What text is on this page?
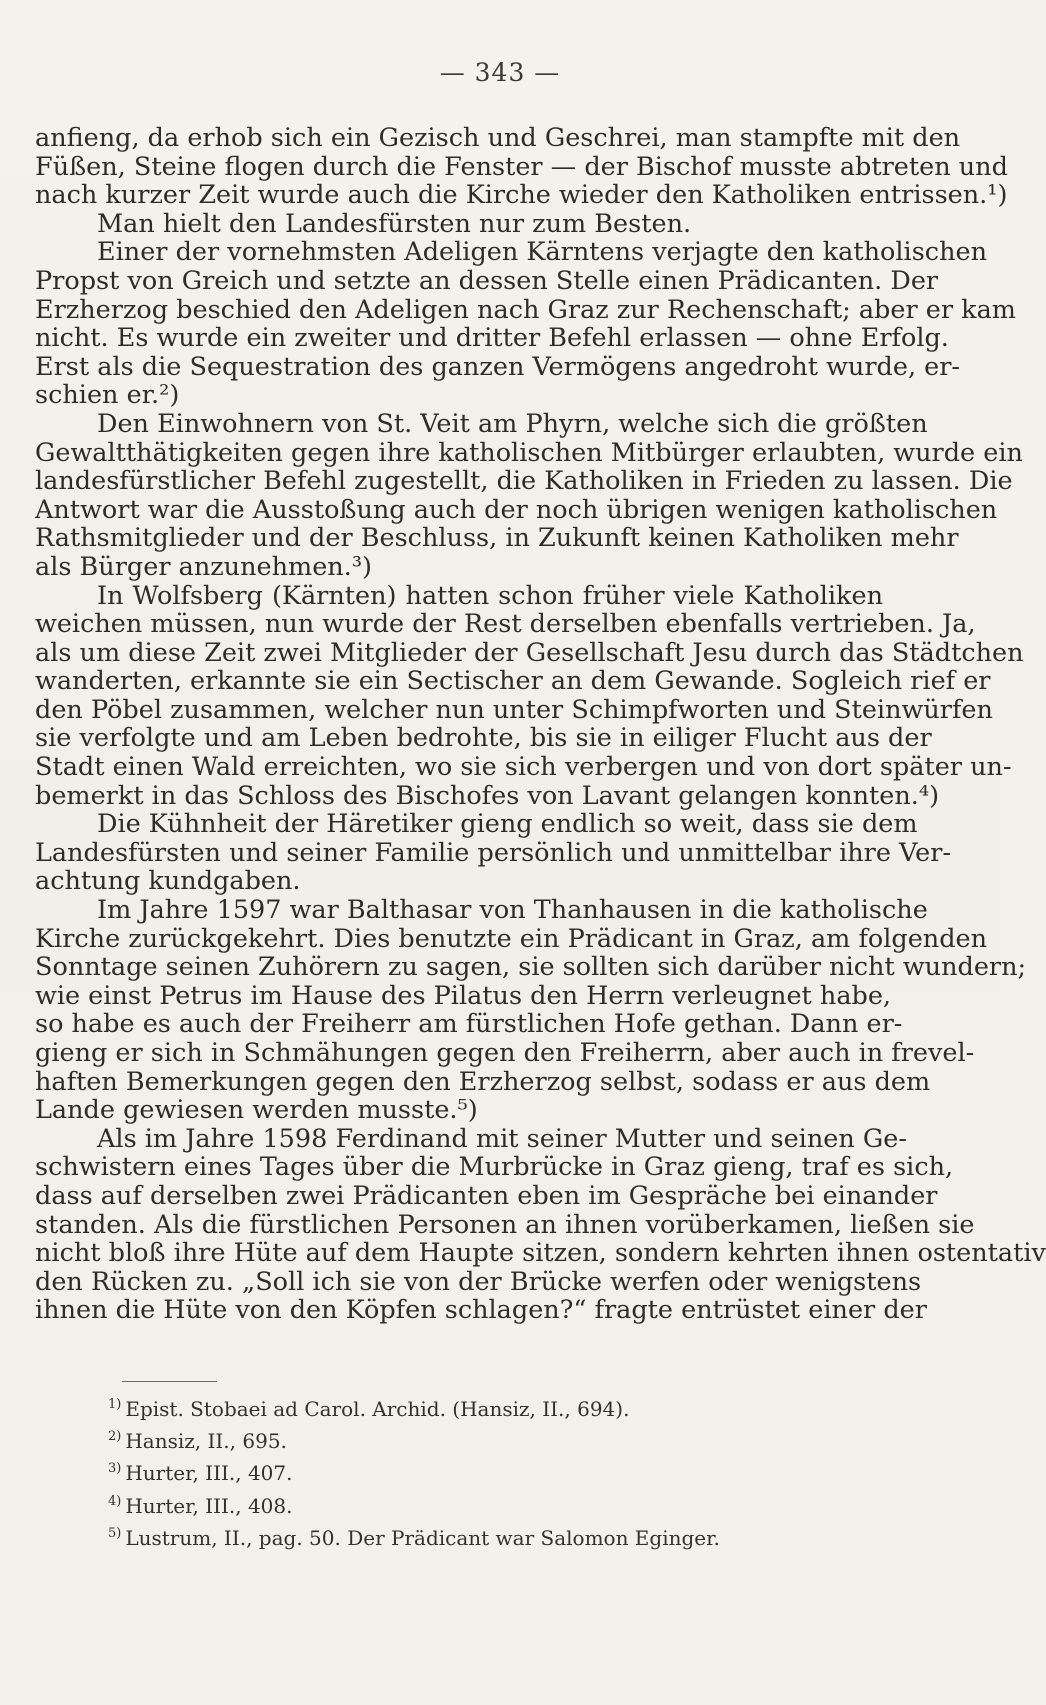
— 343 —
anfieng, da erhob sich ein Gezisch und Geschrei, man stampfte mit den
Füßen, Steine flogen durch die Fenster — der Bischof musste abtreten und
nach kurzer Zeit wurde auch die Kirche wieder den Katholiken entrissen.¹)
Man hielt den Landesfürsten nur zum Besten.
Einer der vornehmsten Adeligen Kärntens verjagte den katholischen
Propst von Greich und setzte an dessen Stelle einen Prädicanten. Der
Erzherzog beschied den Adeligen nach Graz zur Rechenschaft; aber er kam
nicht. Es wurde ein zweiter und dritter Befehl erlassen — ohne Erfolg.
Erst als die Sequestration des ganzen Vermögens angedroht wurde, er-
schien er.²)
Den Einwohnern von St. Veit am Phyrn, welche sich die größten
Gewaltthätigkeiten gegen ihre katholischen Mitbürger erlaubten, wurde ein
landesfürstlicher Befehl zugestellt, die Katholiken in Frieden zu lassen. Die
Antwort war die Ausstoßung auch der noch übrigen wenigen katholischen
Rathsmitglieder und der Beschluss, in Zukunft keinen Katholiken mehr
als Bürger anzunehmen.³)
In Wolfsberg (Kärnten) hatten schon früher viele Katholiken
weichen müssen, nun wurde der Rest derselben ebenfalls vertrieben. Ja,
als um diese Zeit zwei Mitglieder der Gesellschaft Jesu durch das Städtchen
wanderten, erkannte sie ein Sectischer an dem Gewande. Sogleich rief er
den Pöbel zusammen, welcher nun unter Schimpfworten und Steinwürfen
sie verfolgte und am Leben bedrohte, bis sie in eiliger Flucht aus der
Stadt einen Wald erreichten, wo sie sich verbergen und von dort später un-
bemerkt in das Schloss des Bischofes von Lavant gelangen konnten.⁴)
Die Kühnheit der Häretiker gieng endlich so weit, dass sie dem
Landesfürsten und seiner Familie persönlich und unmittelbar ihre Ver-
achtung kundgaben.
Im Jahre 1597 war Balthasar von Thanhausen in die katholische
Kirche zurückgekehrt. Dies benutzte ein Prädicant in Graz, am folgenden
Sonntage seinen Zuhörern zu sagen, sie sollten sich darüber nicht wundern;
wie einst Petrus im Hause des Pilatus den Herrn verleugnet habe,
so habe es auch der Freiherr am fürstlichen Hofe gethan. Dann er-
gieng er sich in Schmähungen gegen den Freiherrn, aber auch in frevel-
haften Bemerkungen gegen den Erzherzog selbst, sodass er aus dem
Lande gewiesen werden musste.⁵)
Als im Jahre 1598 Ferdinand mit seiner Mutter und seinen Ge-
schwistern eines Tages über die Murbrücke in Graz gieng, traf es sich,
dass auf derselben zwei Prädicanten eben im Gespräche bei einander
standen. Als die fürstlichen Personen an ihnen vorüberkamen, ließen sie
nicht bloß ihre Hüte auf dem Haupte sitzen, sondern kehrten ihnen ostentativ
den Rücken zu. „Soll ich sie von der Brücke werfen oder wenigstens
ihnen die Hüte von den Köpfen schlagen?“ fragte entrüstet einer der
$^{1)}$ Epist. Stobaei ad Carol. Archid. (Hansiz, II., 694).
$^{2)}$ Hansiz, II., 695.
$^{3)}$ Hurter, III., 407.
$^{4)}$ Hurter, III., 408.
$^{5)}$ Lustrum, II., pag. 50. Der Prädicant war Salomon Eginger.
